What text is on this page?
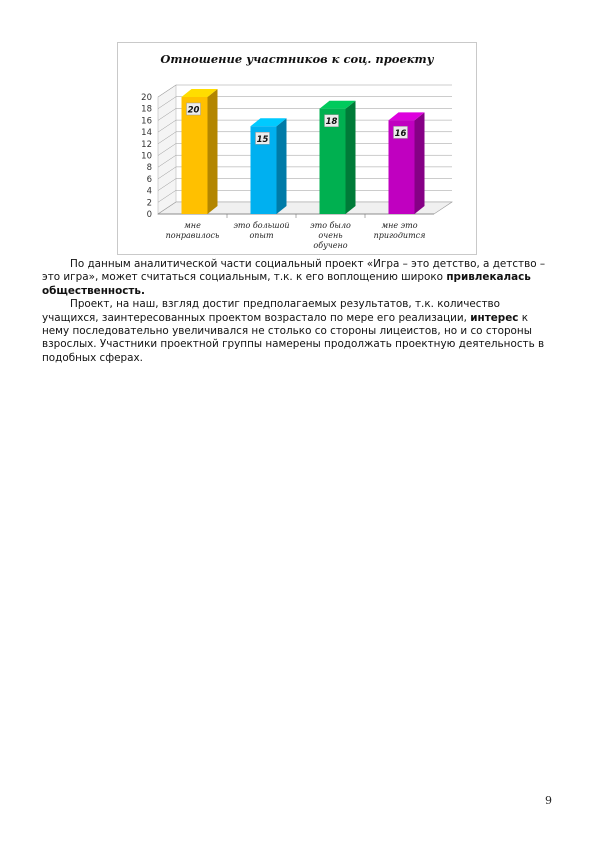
Отношение участников к соц. проекту
0
2
4
6
8
10
12
14
16
18
20
20
мне понравилось
15
это большой опыт
18
это было очень обучено
16
мне это пригодится

По данным аналитической части социальный проект «Игра – это детство, а детство – это игра», может считаться социальным, т.к. к его воплощению широко привлекалась общественность.

Проект, на наш, взгляд достиг предполагаемых результатов, т.к. количество учащихся, заинтересованных проектом возрастало по мере его реализации, интерес к нему последовательно увеличивался не столько со стороны лицеистов, но и со стороны взрослых. Участники проектной группы намерены продолжать проектную деятельность в подобных сферах.

9
